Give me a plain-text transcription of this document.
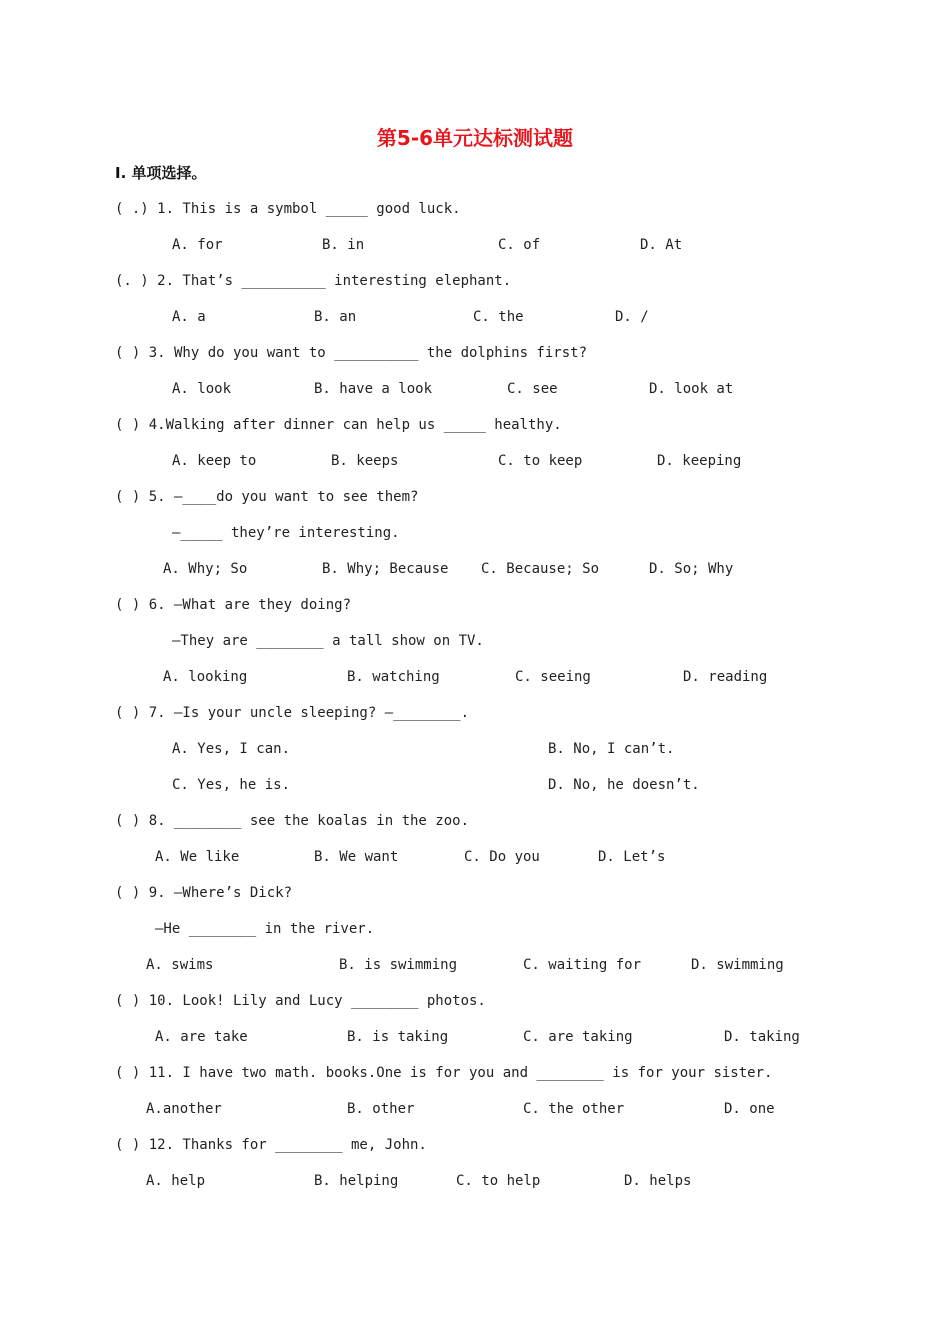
第5-6单元达标测试题
I. 单项选择。
( .) 1. This is a symbol _____ good luck.
A. for	B. in	C. of	D. At
(. ) 2. That’s __________ interesting elephant.
A. a	B. an	C. the	D. /
( ) 3. Why do you want to __________ the dolphins first?
A. look	B. have a look	C. see	D. look at
( ) 4.Walking after dinner can help us _____ healthy.
A. keep to	B. keeps	C. to keep	D. keeping
( ) 5. —____do you want to see them?
—_____ they’re interesting.
A. Why; So	B. Why; Because C. Because; So	D. So; Why
( ) 6. —What are they doing?
—They are ________ a tall show on TV.
A. looking	B. watching	C. seeing	D. reading
( ) 7. —Is your uncle sleeping? —________.
A. Yes, I can.	B. No, I can’t.
C. Yes, he is.	D. No, he doesn’t.
( ) 8. ________ see the koalas in the zoo.
A. We like	B. We want	C. Do you	D. Let’s
( ) 9. —Where’s Dick?
—He ________ in the river.
A. swims	B. is swimming	C. waiting for	D. swimming
( ) 10. Look! Lily and Lucy ________ photos.
A. are take	B. is taking	C. are taking	D. taking
( ) 11. I have two math. books.One is for you and ________ is for your sister.
A.another	B. other	C. the other	D. one
( ) 12. Thanks for ________ me, John.
A. help	B. helping	C. to help	D. helps
